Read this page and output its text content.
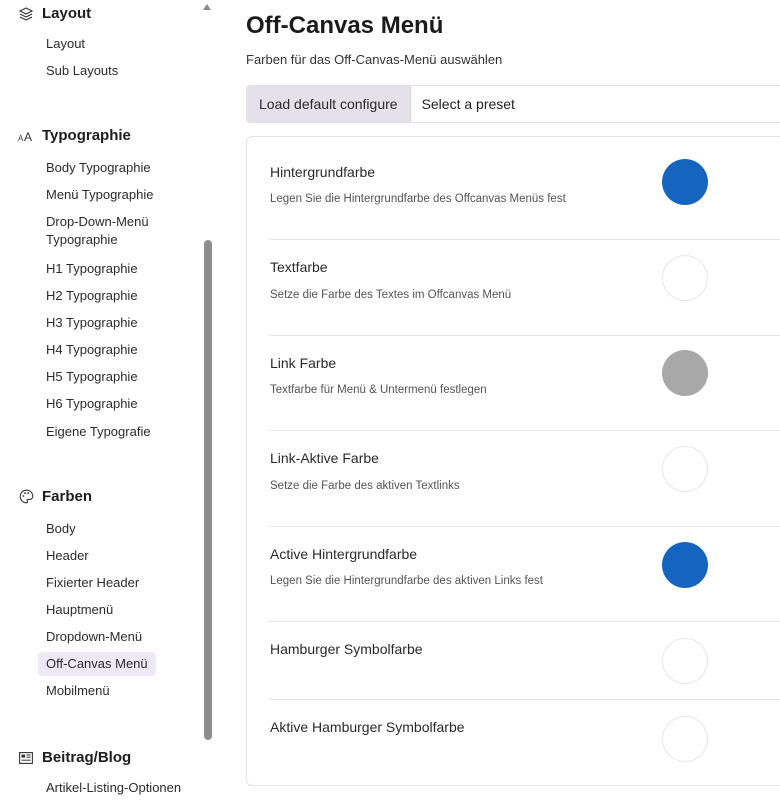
Layout
Layout
Sub Layouts
A A Typographie
Body Typographie
Menü Typographie
Drop-Down-Menü
Typographie
H1 Typographie
H2 Typographie
H3 Typographie
H4 Typographie
H5 Typographie
H6 Typographie
Eigene Typografie
Farben
Body
Header
Fixierter Header
Hauptmenü
Dropdown-Menü
Off-Canvas Menü
Mobilmenü
Beitrag/Blog
Artikel-Listing-Optionen
Off-Canvas Menü
Farben für das Off-Canvas-Menü auswählen
Load default configure	Select a preset
Hintergrundfarbe
Legen Sie die Hintergrundfarbe des Offcanvas Menüs fest
Textfarbe
Setze die Farbe des Textes im Offcanvas Menü
Link Farbe
Textfarbe für Menü & Untermenü festlegen
Link-Aktive Farbe
Setze die Farbe des aktiven Textlinks
Active Hintergrundfarbe
Legen Sie die Hintergrundfarbe des aktiven Links fest
Hamburger Symbolfarbe
Aktive Hamburger Symbolfarbe
